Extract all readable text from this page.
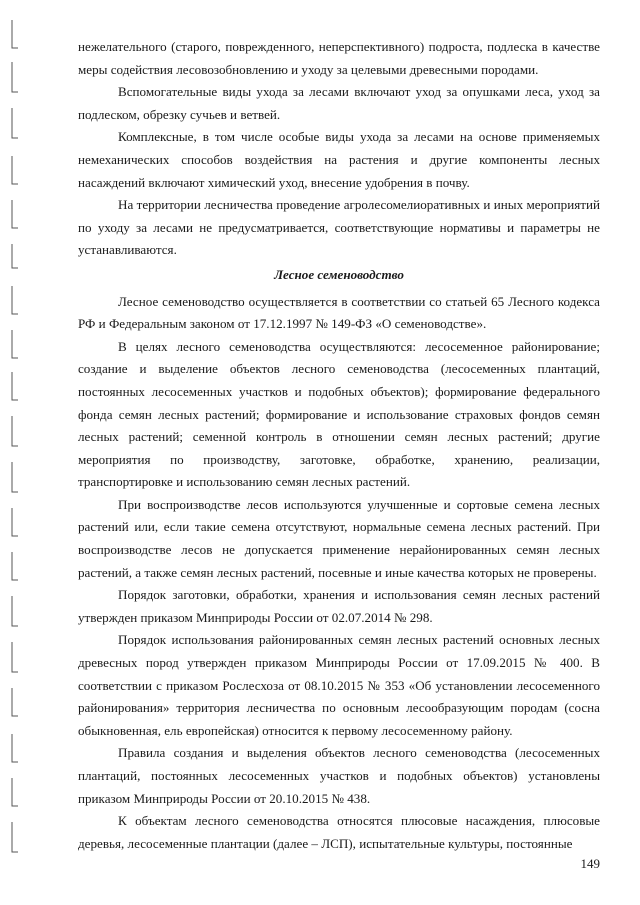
нежелательного (старого, поврежденного, неперспективного) подроста, подлеска в качестве меры содействия лесовозобновлению и уходу за целевыми древесными породами.

Вспомогательные виды ухода за лесами включают уход за опушками леса, уход за подлеском, обрезку сучьев и ветвей.

Комплексные, в том числе особые виды ухода за лесами на основе применяемых немеханических способов воздействия на растения и другие компоненты лесных насаждений включают химический уход, внесение удобрения в почву.

На территории лесничества проведение агролесомелиоративных и иных мероприятий по уходу за лесами не предусматривается, соответствующие нормативы и параметры не устанавливаются.

Лесное семеноводство

Лесное семеноводство осуществляется в соответствии со статьей 65 Лесного кодекса РФ и Федеральным законом от 17.12.1997 № 149-ФЗ «О семеноводстве».

В целях лесного семеноводства осуществляются: лесосеменное районирование; создание и выделение объектов лесного семеноводства (лесосеменных плантаций, постоянных лесосеменных участков и подобных объектов); формирование федерального фонда семян лесных растений; формирование и использование страховых фондов семян лесных растений; семенной контроль в отношении семян лесных растений; другие мероприятия по производству, заготовке, обработке, хранению, реализации, транспортировке и использованию семян лесных растений.

При воспроизводстве лесов используются улучшенные и сортовые семена лесных растений или, если такие семена отсутствуют, нормальные семена лесных растений. При воспроизводстве лесов не допускается применение нерайонированных семян лесных растений, а также семян лесных растений, посевные и иные качества которых не проверены.

Порядок заготовки, обработки, хранения и использования семян лесных растений утвержден приказом Минприроды России от 02.07.2014 № 298.

Порядок использования районированных семян лесных растений основных лесных древесных пород утвержден приказом Минприроды России от 17.09.2015 № 400. В соответствии с приказом Рослесхоза от 08.10.2015 № 353 «Об установлении лесосеменного районирования» территория лесничества по основным лесообразующим породам (сосна обыкновенная, ель европейская) относится к первому лесосеменному району.

Правила создания и выделения объектов лесного семеноводства (лесосеменных плантаций, постоянных лесосеменных участков и подобных объектов) установлены приказом Минприроды России от 20.10.2015 № 438.

К объектам лесного семеноводства относятся плюсовые насаждения, плюсовые деревья, лесосеменные плантации (далее – ЛСП), испытательные культуры, постоянные

149
